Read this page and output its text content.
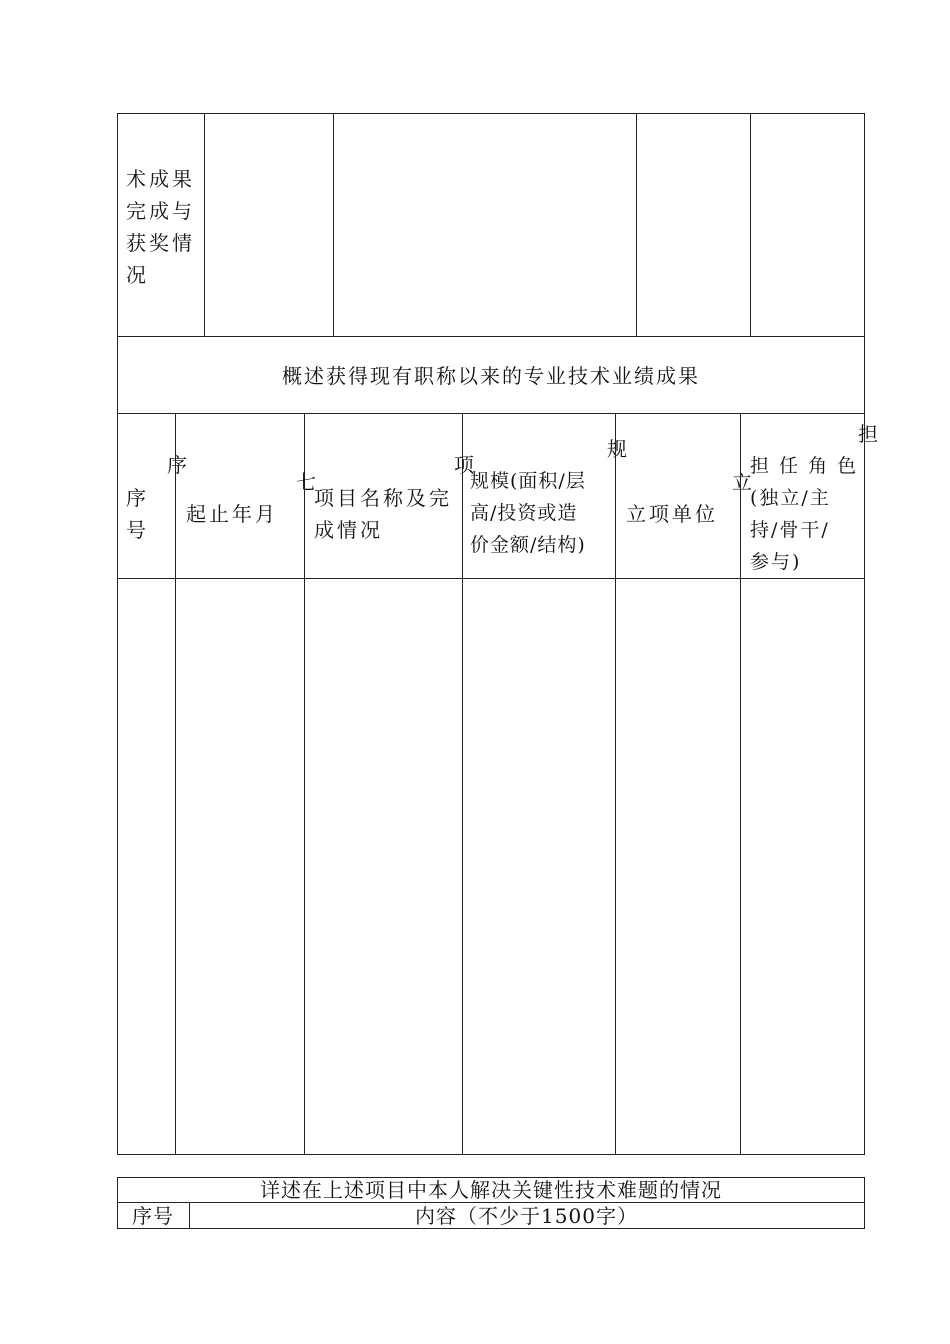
术成果
完成与
获奖情
况
概述获得现有职称以来的专业技术业绩成果
序
号
序
起止年月
七
项目名称及完
成情况
项
规模(面积/层
高/投资或造
价金额/结构)
规
立项单位
立
担 任 角 色
(独立/主
持/骨干/
参与)
担
详述在上述项目中本人解决关键性技术难题的情况
序号	内容（不少于1500字）
